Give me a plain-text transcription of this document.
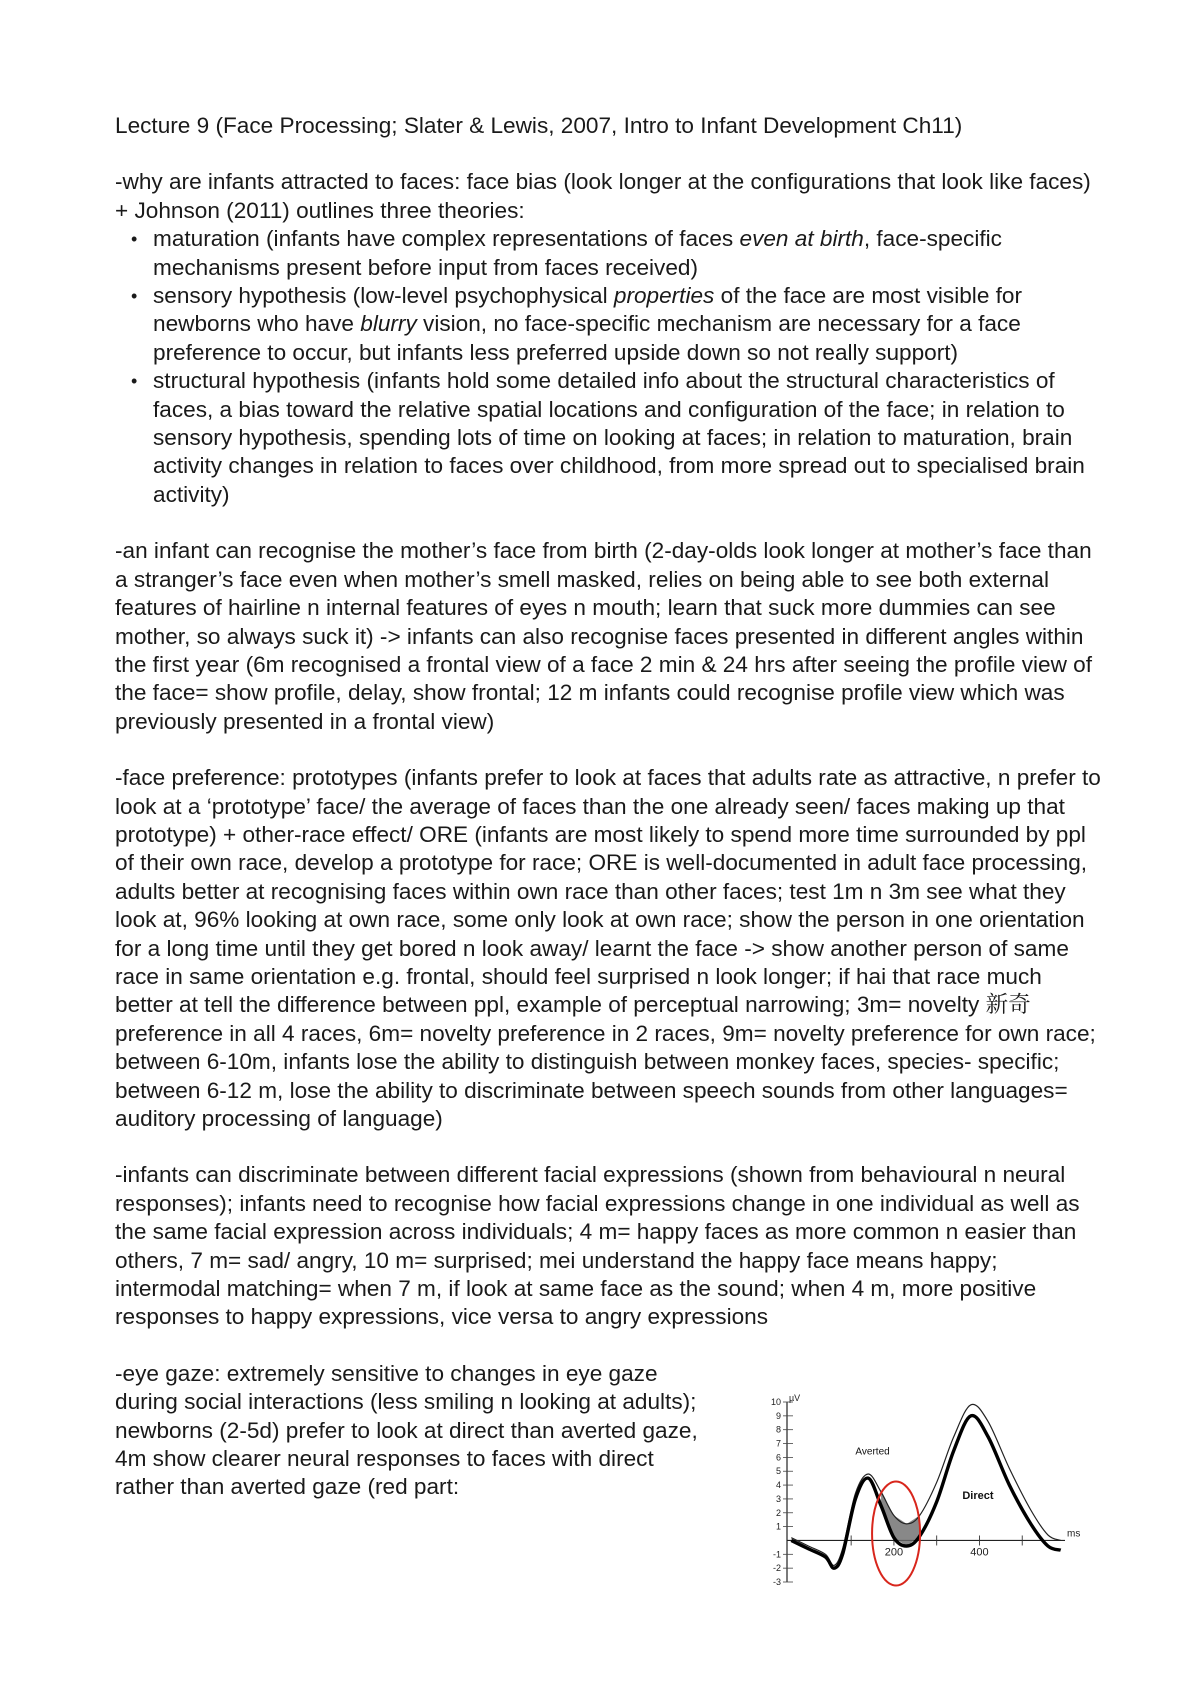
Lecture 9 (Face Processing; Slater & Lewis, 2007, Intro to Infant Development Ch11)

-why are infants attracted to faces: face bias (look longer at the configurations that look like faces) + Johnson (2011) outlines three theories:

• maturation (infants have complex representations of faces even at birth, face-specific mechanisms present before input from faces received)
• sensory hypothesis (low-level psychophysical properties of the face are most visible for newborns who have blurry vision, no face-specific mechanism are necessary for a face preference to occur, but infants less preferred upside down so not really support)
• structural hypothesis (infants hold some detailed info about the structural characteristics of faces, a bias toward the relative spatial locations and configuration of the face; in relation to sensory hypothesis, spending lots of time on looking at faces; in relation to maturation, brain activity changes in relation to faces over childhood, from more spread out to specialised brain activity)

-an infant can recognise the mother’s face from birth (2-day-olds look longer at mother’s face than a stranger’s face even when mother’s smell masked, relies on being able to see both external features of hairline n internal features of eyes n mouth; learn that suck more dummies can see mother, so always suck it) -> infants can also recognise faces presented in different angles within the first year (6m recognised a frontal view of a face 2 min & 24 hrs after seeing the profile view of the face= show profile, delay, show frontal; 12 m infants could recognise profile view which was previously presented in a frontal view)

-face preference: prototypes (infants prefer to look at faces that adults rate as attractive, n prefer to look at a ‘prototype’ face/ the average of faces than the one already seen/ faces making up that prototype) + other-race effect/ ORE (infants are most likely to spend more time surrounded by ppl of their own race, develop a prototype for race; ORE is well-documented in adult face processing, adults better at recognising faces within own race than other faces; test 1m n 3m see what they look at, 96% looking at own race, some only look at own race; show the person in one orientation for a long time until they get bored n look away/ learnt the face -> show another person of same race in same orientation e.g. frontal, should feel surprised n look longer; if hai that race much better at tell the difference between ppl, example of perceptual narrowing; 3m= novelty 新奇 preference in all 4 races, 6m= novelty preference in 2 races, 9m= novelty preference for own race; between 6-10m, infants lose the ability to distinguish between monkey faces, species- specific; between 6-12 m, lose the ability to discriminate between speech sounds from other languages= auditory processing of language)

-infants can discriminate between different facial expressions (shown from behavioural n neural responses); infants need to recognise how facial expressions change in one individual as well as the same facial expression across individuals; 4 m= happy faces as more common n easier than others, 7 m= sad/ angry, 10 m= surprised; mei understand the happy face means happy; intermodal matching= when 7 m, if look at same face as the sound; when 4 m, more positive responses to happy expressions, vice versa to angry expressions

-eye gaze: extremely sensitive to changes in eye gaze during social interactions (less smiling n looking at adults); newborns (2-5d) prefer to look at direct than averted gaze, 4m show clearer neural responses to faces with direct rather than averted gaze (red part:

10
9
8
7
6
5
4
3
2
1
-1
-2
-3
µV
200	400
ms
Averted
Direct
